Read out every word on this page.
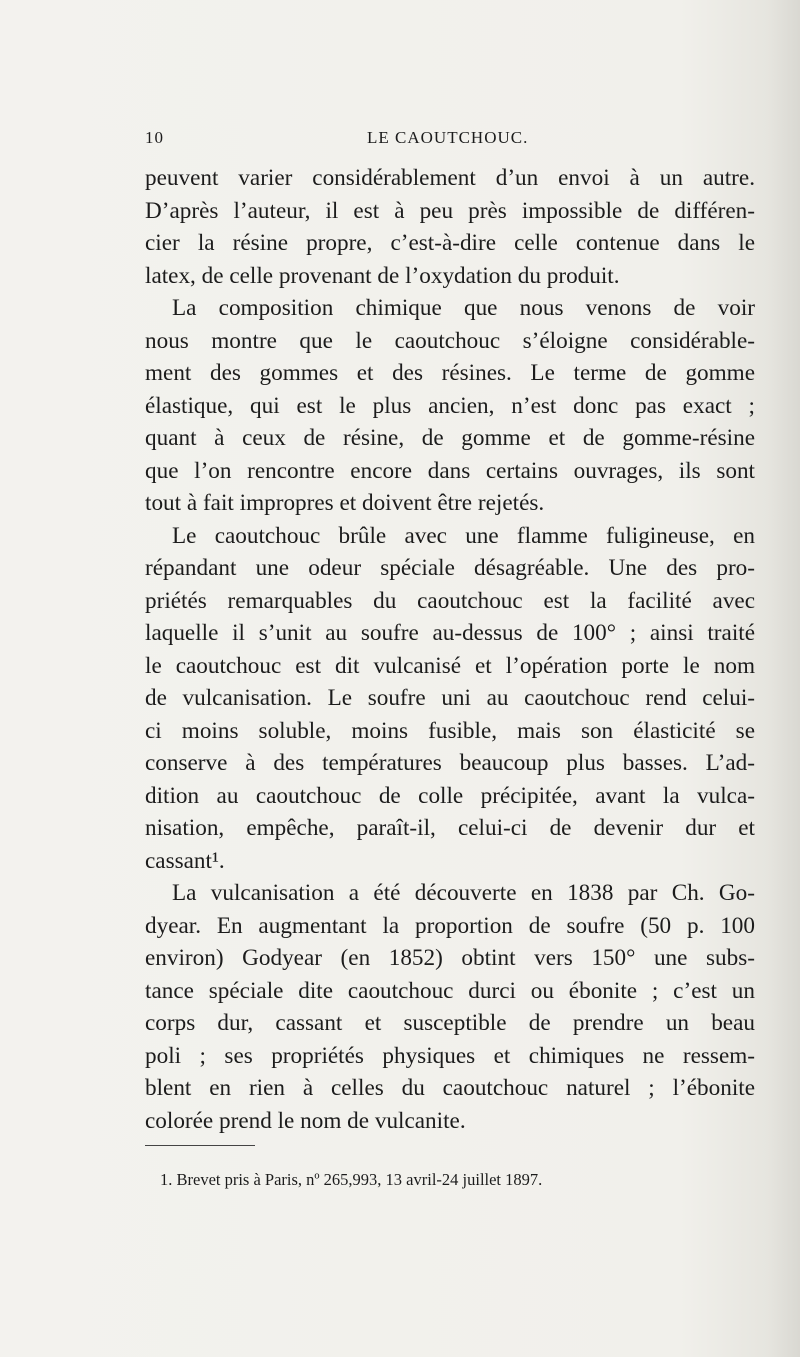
10	LE CAOUTCHOUC.
peuvent varier considérablement d’un envoi à un autre.
D’après l’auteur, il est à peu près impossible de différen-
cier la résine propre, c’est-à-dire celle contenue dans le
latex, de celle provenant de l’oxydation du produit.
La composition chimique que nous venons de voir
nous montre que le caoutchouc s’éloigne considérable-
ment des gommes et des résines. Le terme de gomme
élastique, qui est le plus ancien, n’est donc pas exact ;
quant à ceux de résine, de gomme et de gomme-résine
que l’on rencontre encore dans certains ouvrages, ils sont
tout à fait impropres et doivent être rejetés.
Le caoutchouc brûle avec une flamme fuligineuse, en
répandant une odeur spéciale désagréable. Une des pro-
priétés remarquables du caoutchouc est la facilité avec
laquelle il s’unit au soufre au-dessus de 100° ; ainsi traité
le caoutchouc est dit vulcanisé et l’opération porte le nom
de vulcanisation. Le soufre uni au caoutchouc rend celui-
ci moins soluble, moins fusible, mais son élasticité se
conserve à des températures beaucoup plus basses. L’ad-
dition au caoutchouc de colle précipitée, avant la vulca-
nisation, empêche, paraît-il, celui-ci de devenir dur et
cassant¹.
La vulcanisation a été découverte en 1838 par Ch. Go-
dyear. En augmentant la proportion de soufre (50 p. 100
environ) Godyear (en 1852) obtint vers 150° une subs-
tance spéciale dite caoutchouc durci ou ébonite ; c’est un
corps dur, cassant et susceptible de prendre un beau
poli ; ses propriétés physiques et chimiques ne ressem-
blent en rien à celles du caoutchouc naturel ; l’ébonite
colorée prend le nom de vulcanite.
1. Brevet pris à Paris, nº 265,993, 13 avril-24 juillet 1897.
